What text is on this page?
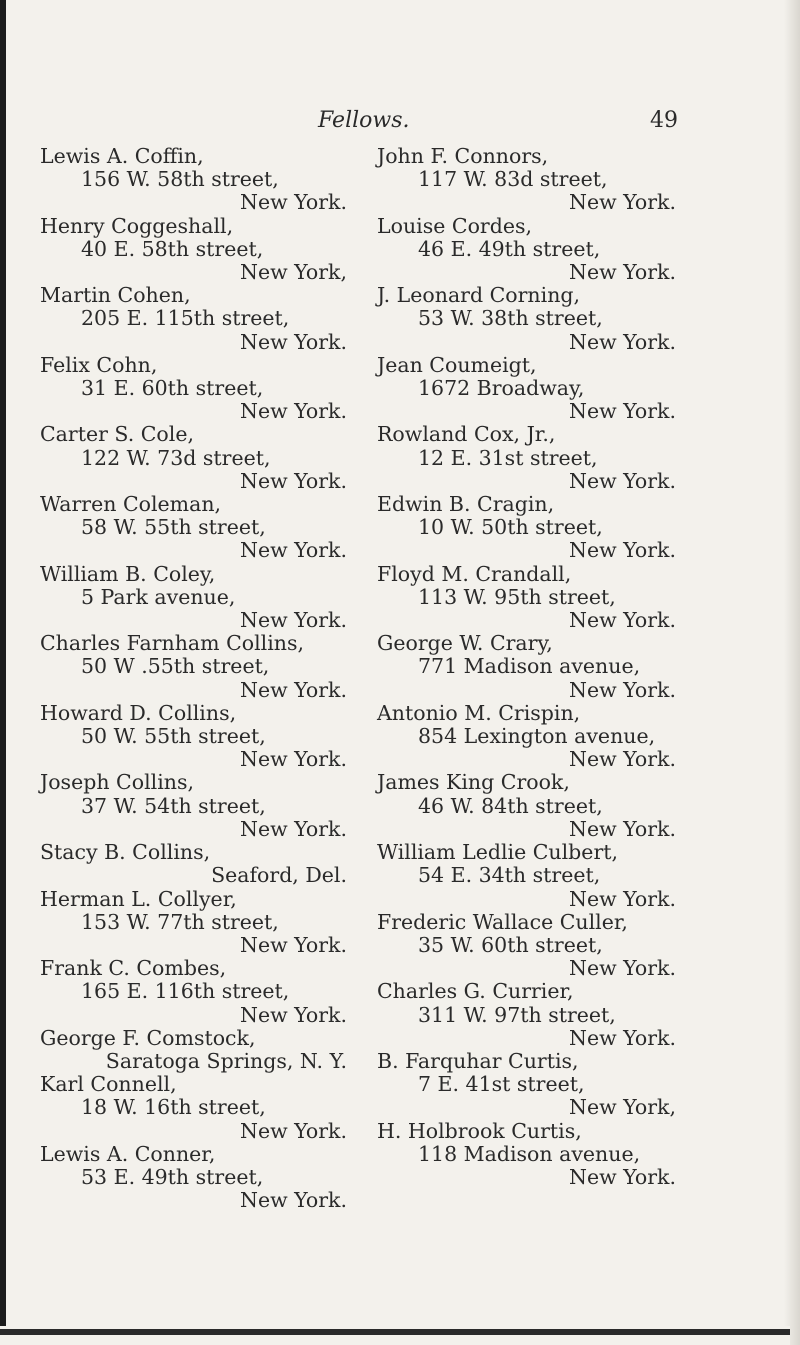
Fellows.	49
Lewis A. Coffin,
156 W. 58th street,
New York.
Henry Coggeshall,
40 E. 58th street,
New York,
Martin Cohen,
205 E. 115th street,
New York.
Felix Cohn,
31 E. 60th street,
New York.
Carter S. Cole,
122 W. 73d street,
New York.
Warren Coleman,
58 W. 55th street,
New York.
William B. Coley,
5 Park avenue,
New York.
Charles Farnham Collins,
50 W .55th street,
New York.
Howard D. Collins,
50 W. 55th street,
New York.
Joseph Collins,
37 W. 54th street,
New York.
Stacy B. Collins,
Seaford, Del.
Herman L. Collyer,
153 W. 77th street,
New York.
Frank C. Combes,
165 E. 116th street,
New York.
George F. Comstock,
Saratoga Springs, N. Y.
Karl Connell,
18 W. 16th street,
New York.
Lewis A. Conner,
53 E. 49th street,
New York.
John F. Connors,
117 W. 83d street,
New York.
Louise Cordes,
46 E. 49th street,
New York.
J. Leonard Corning,
53 W. 38th street,
New York.
Jean Coumeigt,
1672 Broadway,
New York.
Rowland Cox, Jr.,
12 E. 31st street,
New York.
Edwin B. Cragin,
10 W. 50th street,
New York.
Floyd M. Crandall,
113 W. 95th street,
New York.
George W. Crary,
771 Madison avenue,
New York.
Antonio M. Crispin,
854 Lexington avenue,
New York.
James King Crook,
46 W. 84th street,
New York.
William Ledlie Culbert,
54 E. 34th street,
New York.
Frederic Wallace Culler,
35 W. 60th street,
New York.
Charles G. Currier,
311 W. 97th street,
New York.
B. Farquhar Curtis,
7 E. 41st street,
New York,
H. Holbrook Curtis,
118 Madison avenue,
New York.
